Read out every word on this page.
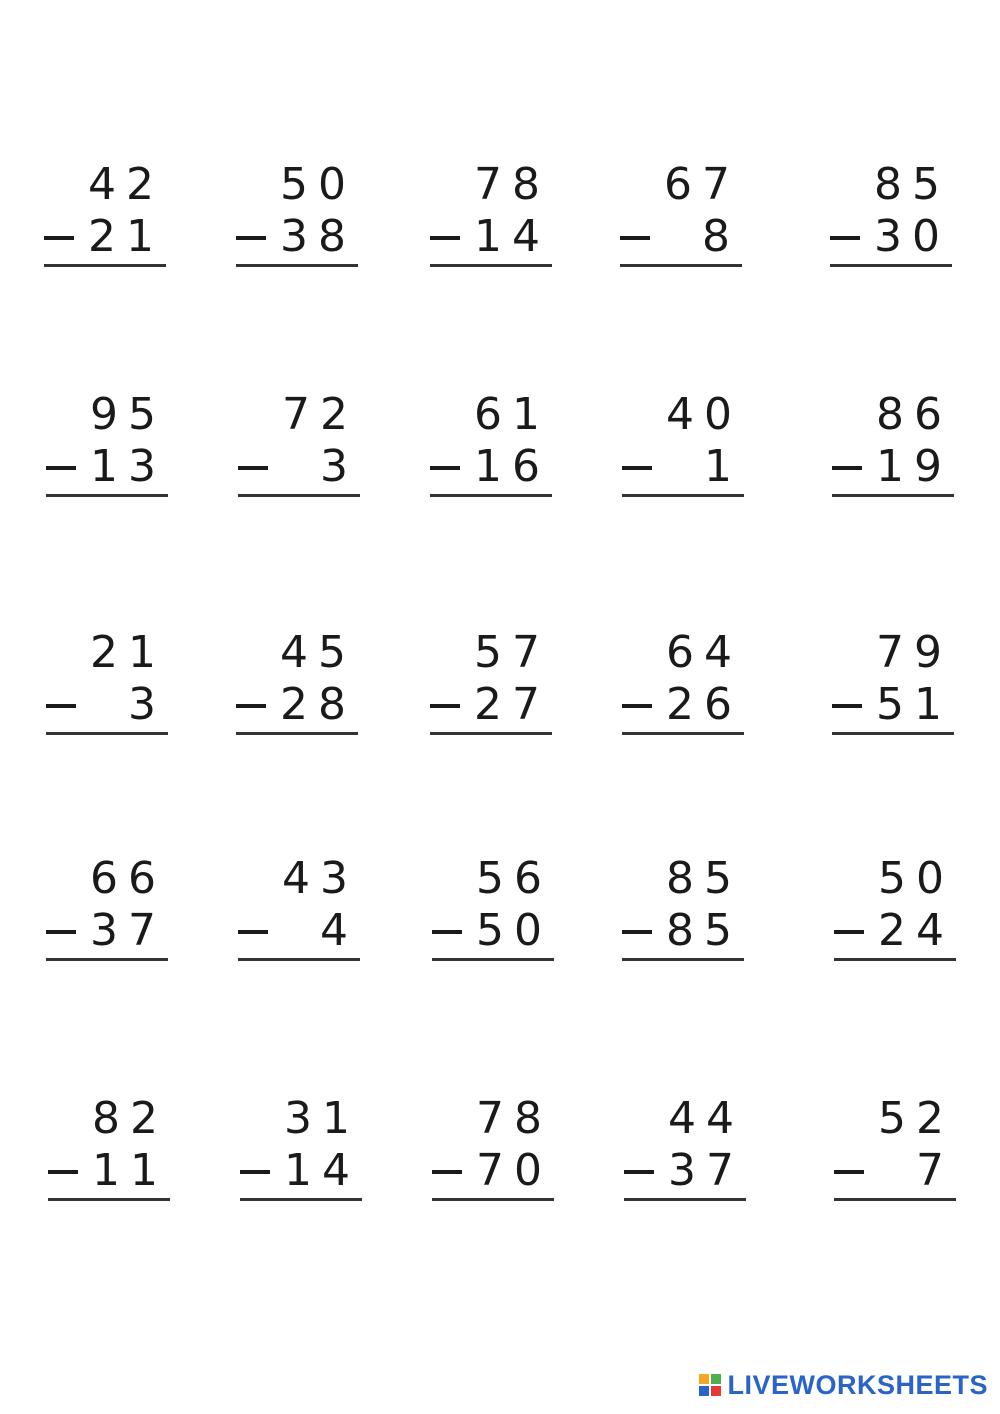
42
21
50
38
78
14
67
8
85
30
95
13
72
3
61
16
40
1
86
19
21
3
45
28
57
27
64
26
79
51
66
37
43
4
56
50
85
85
50
24
82
11
31
14
78
70
44
37
52
7
LIVEWORKSHEETS
